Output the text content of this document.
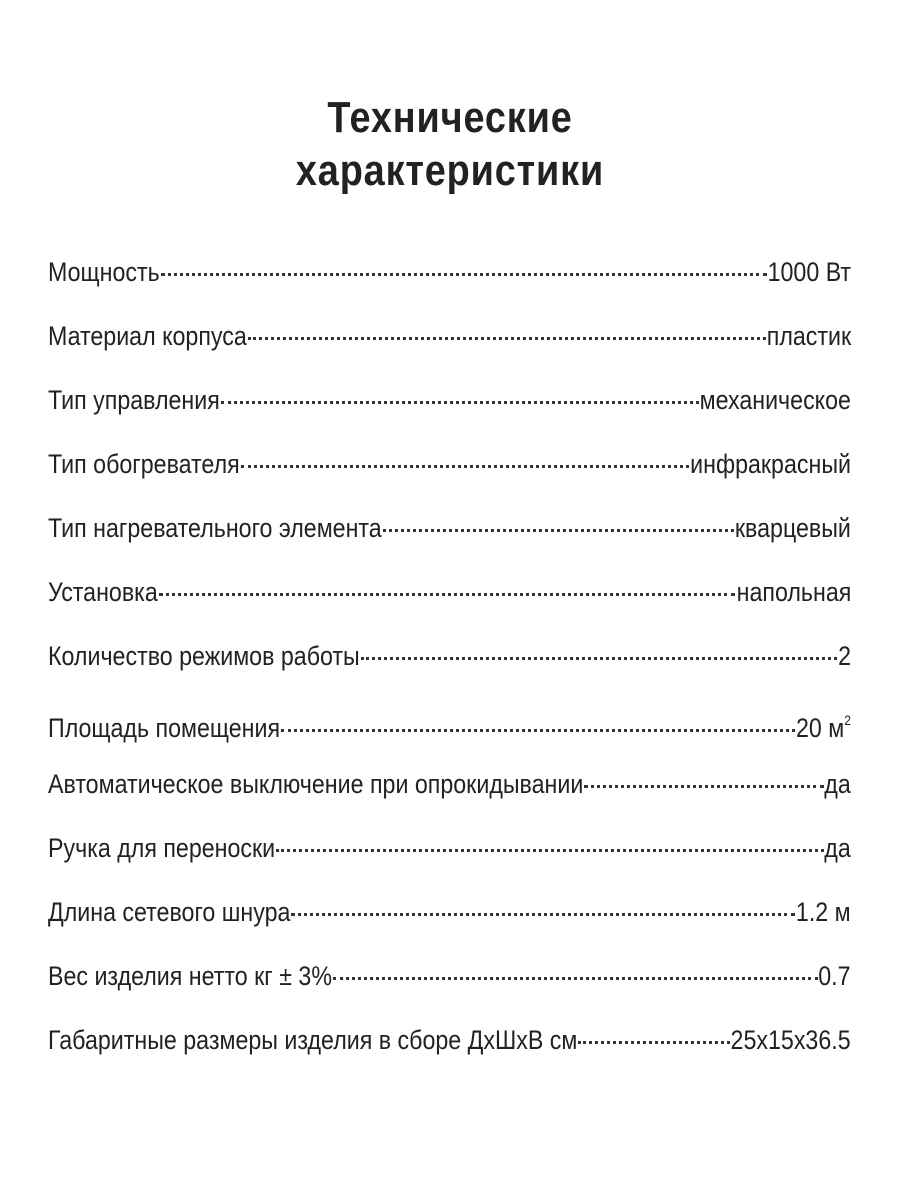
Технические
характеристики
Мощность	1000 Вт
Материал корпуса	пластик
Тип управления	механическое
Тип обогревателя	инфракрасный
Тип нагревательного элемента	кварцевый
Установка	напольная
Количество режимов работы	2
Площадь помещения	20 $м^2$
Автоматическое выключение при опрокидывании	да
Ручка для переноски	да
Длина сетевого шнура	1.2 м
Вес изделия нетто кг ± 3%	0.7
Габаритные размеры изделия в сборе ДхШхВ см	25x15x36.5
